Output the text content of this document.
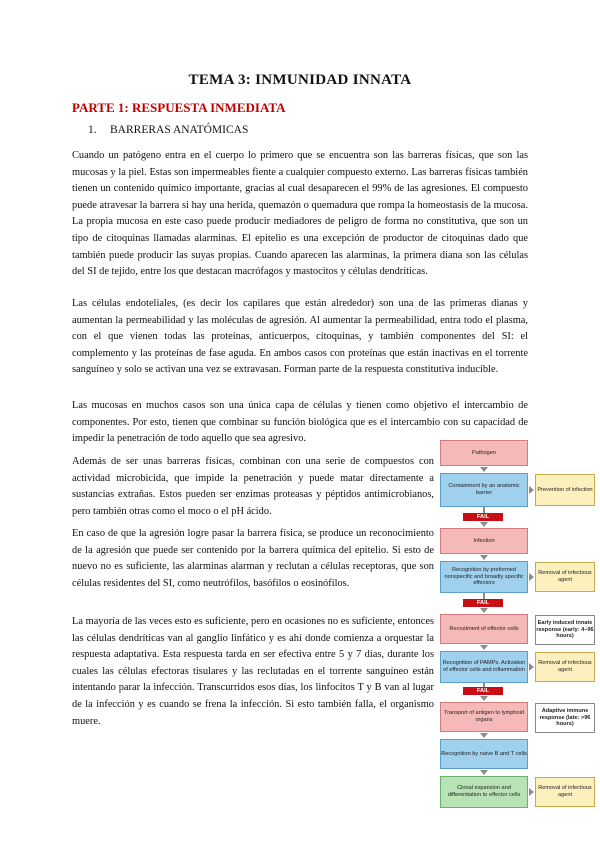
TEMA 3: INMUNIDAD INNATA
PARTE 1: RESPUESTA INMEDIATA
1. BARRERAS ANATÓMICAS

Cuando un patógeno entra en el cuerpo lo primero que se encuentra son las barreras físicas, que son las mucosas y la piel. Estas son impermeables fiente a cualquier compuesto externo. Las barreras físicas también tienen un contenido químico importante, gracias al cual desaparecen el 99% de las agresiones. El compuesto puede atravesar la barrera si hay una herida, quemazón o quemadura que rompa la homeostasis de la mucosa. La propia mucosa en este caso puede producir mediadores de peligro de forma no constitutiva, que son un tipo de citoquinas llamadas alarminas. El epitelio es una excepción de productor de citoquinas dado que también puede producir las suyas propias. Cuando aparecen las alarminas, la primera diana son las células del SI de tejido, entre los que destacan macrófagos y mastocitos y células dendríticas.

Las células endoteliales, (es decir los capilares que están alrededor) son una de las primeras dianas y aumentan la permeabilidad y las moléculas de agresión. Al aumentar la permeabilidad, entra todo el plasma, con el que vienen todas las proteínas, anticuerpos, citoquinas, y también componentes del SI: el complemento y las proteínas de fase aguda. En ambos casos con proteínas que están inactivas en el torrente sanguíneo y solo se activan una vez se extravasan. Forman parte de la respuesta constitutiva inducible.

Las mucosas en muchos casos son una única capa de células y tienen como objetivo el intercambio de componentes. Por esto, tienen que combinar su función biológica que es el intercambio con su capacidad de impedir la penetración de todo aquello que sea agresivo.

Además de ser unas barreras físicas, combinan con una serie de compuestos con actividad microbicida, que impide la penetración y puede matar directamente a sustancias extrañas. Estos pueden ser enzimas proteasas y péptidos antimicrobianos, pero también otras como el moco o el pH ácido.

En caso de que la agresión logre pasar la barrera física, se produce un reconocimiento de la agresión que puede ser contenido por la barrera química del epitelio. Si esto de nuevo no es suficiente, las alarminas alarman y reclutan a células receptoras, que son células residentes del SI, como neutrófilos, basófilos o eosinófilos.

La mayoría de las veces esto es suficiente, pero en ocasiones no es suficiente, entonces las células dendríticas van al ganglio linfático y es ahí donde comienza a orquestar la respuesta adaptativa. Esta respuesta tarda en ser efectiva entre 5 y 7 días, durante los cuales las células efectoras tisulares y las reclutadas en el torrente sanguíneo están intentando parar la infección. Transcurridos esos días, los linfocitos T y B van al lugar de la infección y es cuando se frena la infección. Si esto también falla, el organismo muere.

Pathogen
Containment by an anatomic barrier
Prevention of infection
FAIL
Infection
Recognition by preformed nonspecific and broadly specific effectors
Removal of infectious agent
FAIL
Recruitment of effector cells
Early induced innate response (early: 4–96 hours)
Recognition of PAMPs. Activation of effector cells and inflammation
Removal of infectious agent
FAIL
Transport of antigen to lymphoid organs
Adaptive immune response (late: >96 hours)
Recognition by naive B and T cells
Clonal expansion and differentiation to effector cells
Removal of infectious agent
